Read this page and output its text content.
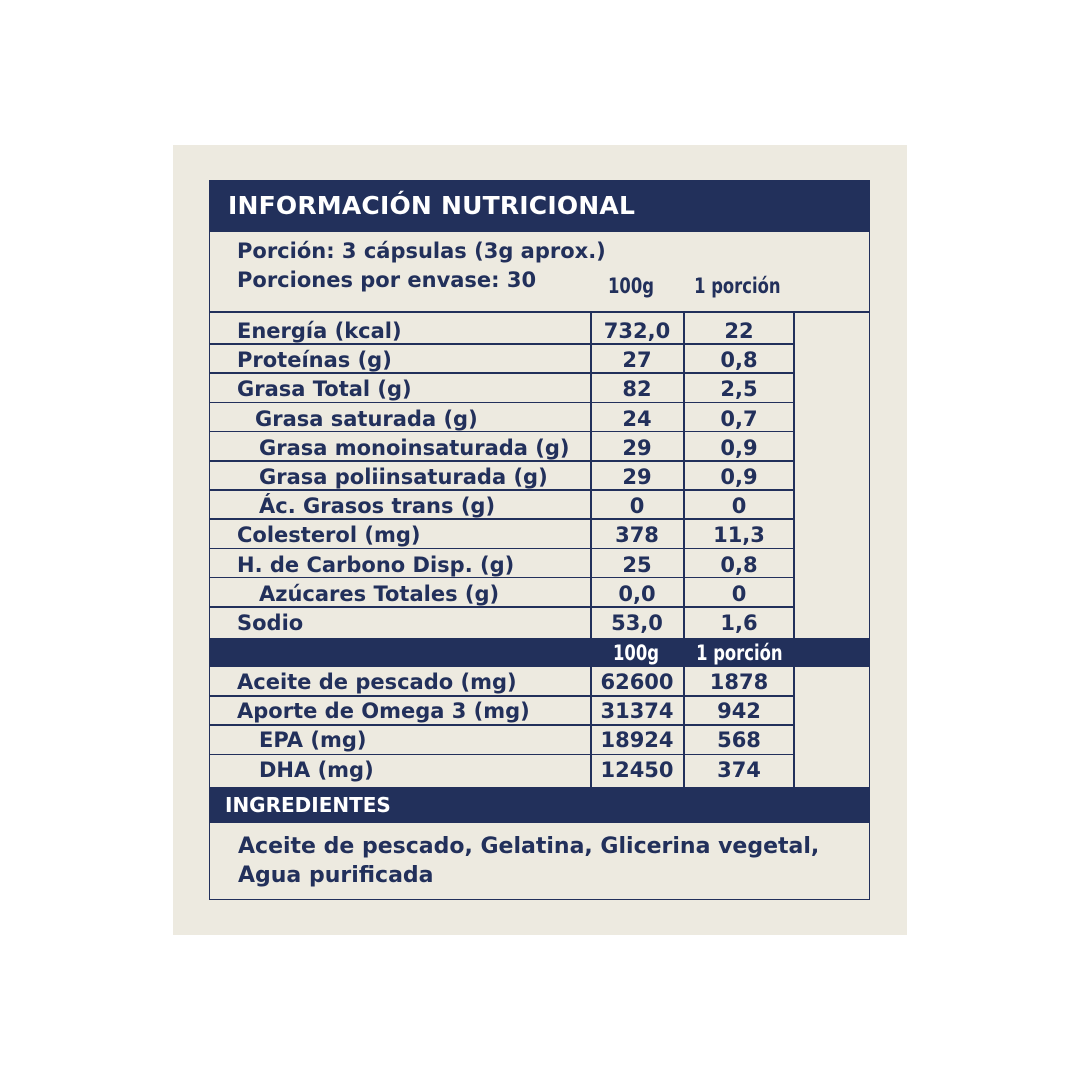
INFORMACIÓN NUTRICIONAL
Porción: 3 cápsulas (3g aprox.)
Porciones por envase: 30	100g 1 porción
Energía (kcal)	732,0	22
Proteínas (g)	27	0,8
Grasa Total (g)	82	2,5
Grasa saturada (g)	24	0,7
Grasa monoinsaturada (g)	29	0,9
Grasa poliinsaturada (g)	29	0,9
Ác. Grasos trans (g)	0	0
Colesterol (mg)	378	11,3
H. de Carbono Disp. (g)	25	0,8
Azúcares Totales (g)	0,0	0
Sodio	53,0	1,6
100g	1 porción
Aceite de pescado (mg)	62600	1878
Aporte de Omega 3 (mg)	31374	942
EPA (mg)	18924	568
DHA (mg)	12450	374
INGREDIENTES
Aceite de pescado, Gelatina, Glicerina vegetal,
Agua purificada
